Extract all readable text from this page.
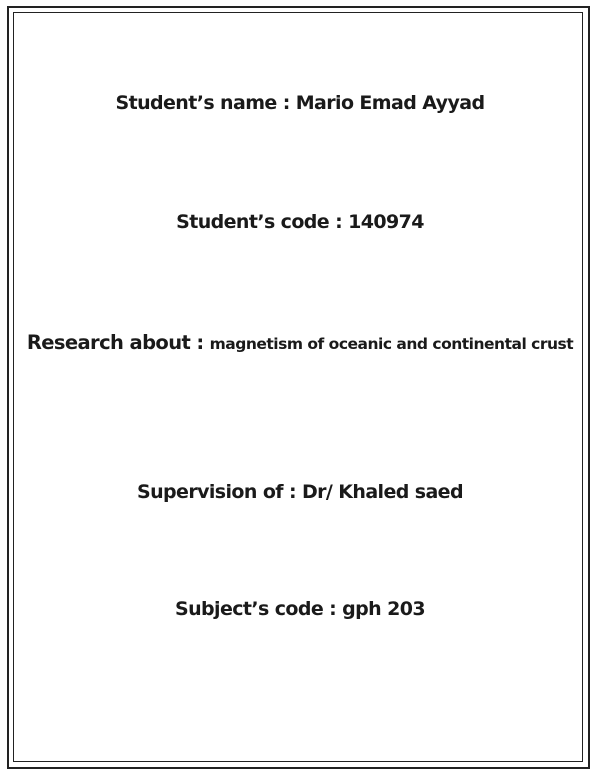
Student’s name : Mario Emad Ayyad
Student’s code : 140974
Research about : magnetism of oceanic and continental crust
Supervision of : Dr/ Khaled saed
Subject’s code : gph 203
